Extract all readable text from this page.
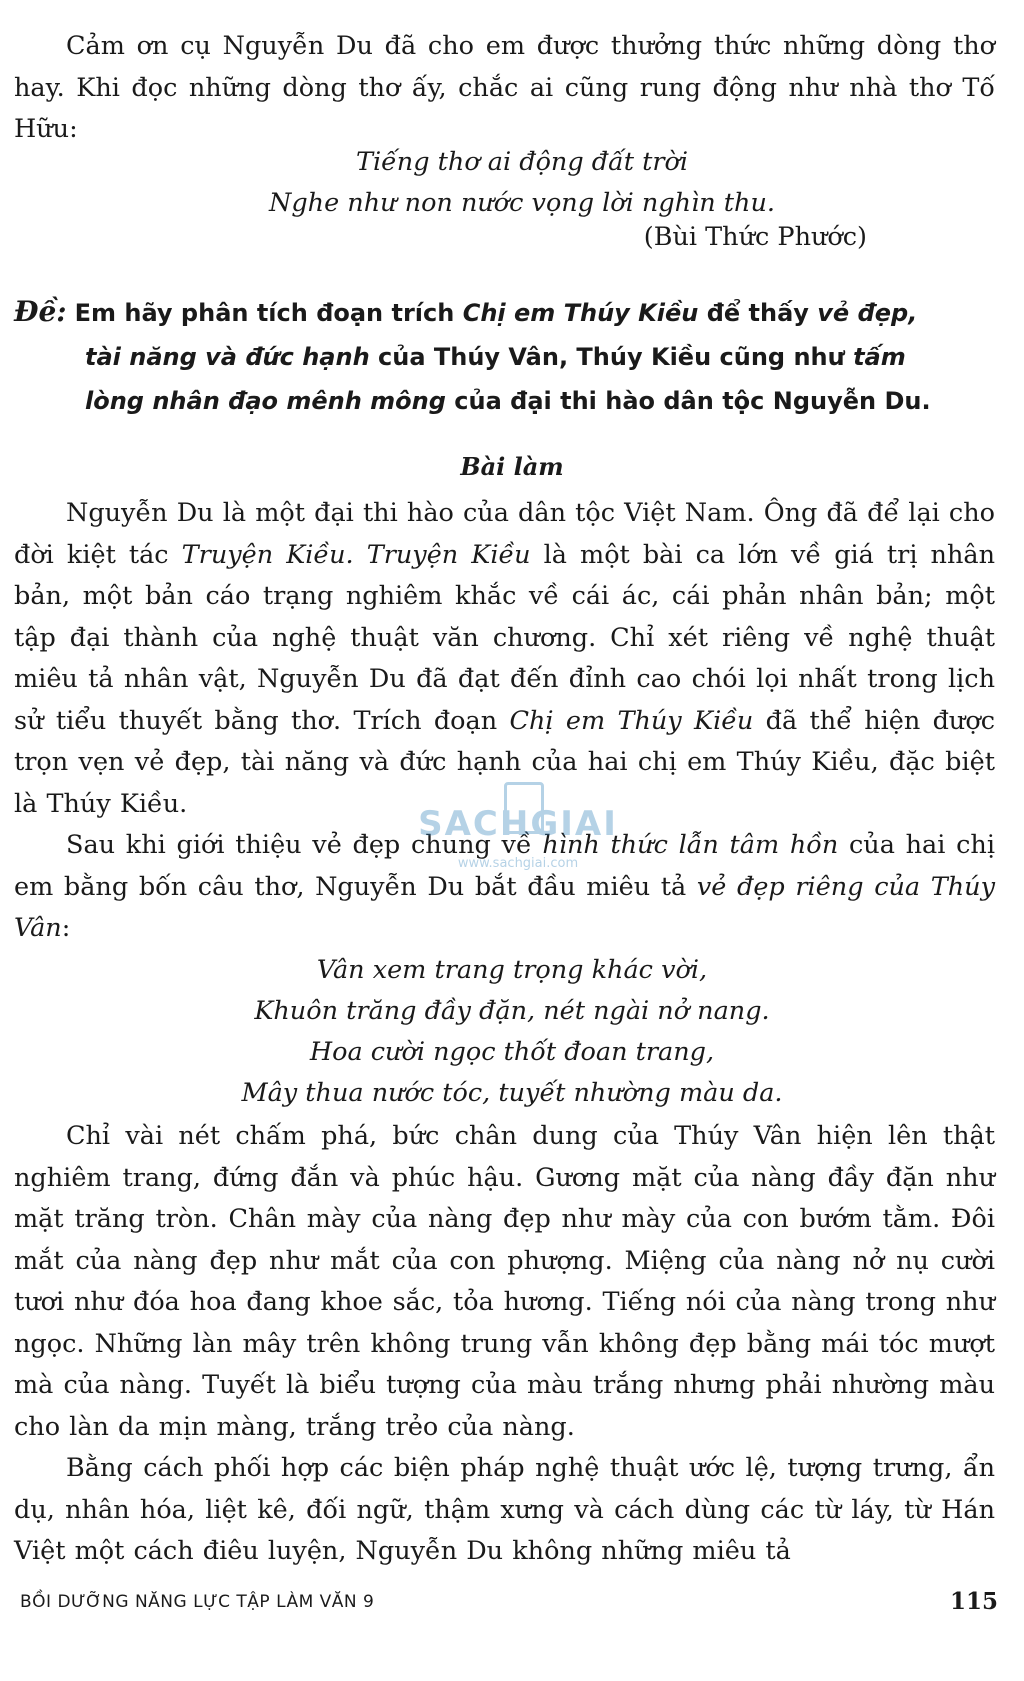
Cảm ơn cụ Nguyễn Du đã cho em được thưởng thức những dòng thơ hay. Khi đọc những dòng thơ ấy, chắc ai cũng rung động như nhà thơ Tố Hữu:

Tiếng thơ ai động đất trời
Nghe như non nước vọng lời nghìn thu.

(Bùi Thức Phước)

Đề: Em hãy phân tích đoạn trích Chị em Thúy Kiều để thấy vẻ đẹp,
tài năng và đức hạnh của Thúy Vân, Thúy Kiều cũng như tấm
lòng nhân đạo mênh mông của đại thi hào dân tộc Nguyễn Du.

Bài làm

Nguyễn Du là một đại thi hào của dân tộc Việt Nam. Ông đã để lại cho đời kiệt tác Truyện Kiều. Truyện Kiều là một bài ca lớn về giá trị nhân bản, một bản cáo trạng nghiêm khắc về cái ác, cái phản nhân bản; một tập đại thành của nghệ thuật văn chương. Chỉ xét riêng về nghệ thuật miêu tả nhân vật, Nguyễn Du đã đạt đến đỉnh cao chói lọi nhất trong lịch sử tiểu thuyết bằng thơ. Trích đoạn Chị em Thúy Kiều đã thể hiện được trọn vẹn vẻ đẹp, tài năng và đức hạnh của hai chị em Thúy Kiều, đặc biệt là Thúy Kiều.

Sau khi giới thiệu vẻ đẹp chung về hình thức lẫn tâm hồn của hai chị em bằng bốn câu thơ, Nguyễn Du bắt đầu miêu tả vẻ đẹp riêng của Thúy Vân:

Vân xem trang trọng khác vời,
Khuôn trăng đầy đặn, nét ngài nở nang.
Hoa cười ngọc thốt đoan trang,
Mây thua nước tóc, tuyết nhường màu da.

Chỉ vài nét chấm phá, bức chân dung của Thúy Vân hiện lên thật nghiêm trang, đứng đắn và phúc hậu. Gương mặt của nàng đầy đặn như mặt trăng tròn. Chân mày của nàng đẹp như mày của con bướm tằm. Đôi mắt của nàng đẹp như mắt của con phượng. Miệng của nàng nở nụ cười tươi như đóa hoa đang khoe sắc, tỏa hương. Tiếng nói của nàng trong như ngọc. Những làn mây trên không trung vẫn không đẹp bằng mái tóc mượt mà của nàng. Tuyết là biểu tượng của màu trắng nhưng phải nhường màu cho làn da mịn màng, trắng trẻo của nàng.

Bằng cách phối hợp các biện pháp nghệ thuật ước lệ, tượng trưng, ẩn dụ, nhân hóa, liệt kê, đối ngữ, thậm xưng và cách dùng các từ láy, từ Hán Việt một cách điêu luyện, Nguyễn Du không những miêu tả

SACHGIAI
www.sachgiai.com

BỒI DƯỠNG NĂNG LỰC TẬP LÀM VĂN 9	115
